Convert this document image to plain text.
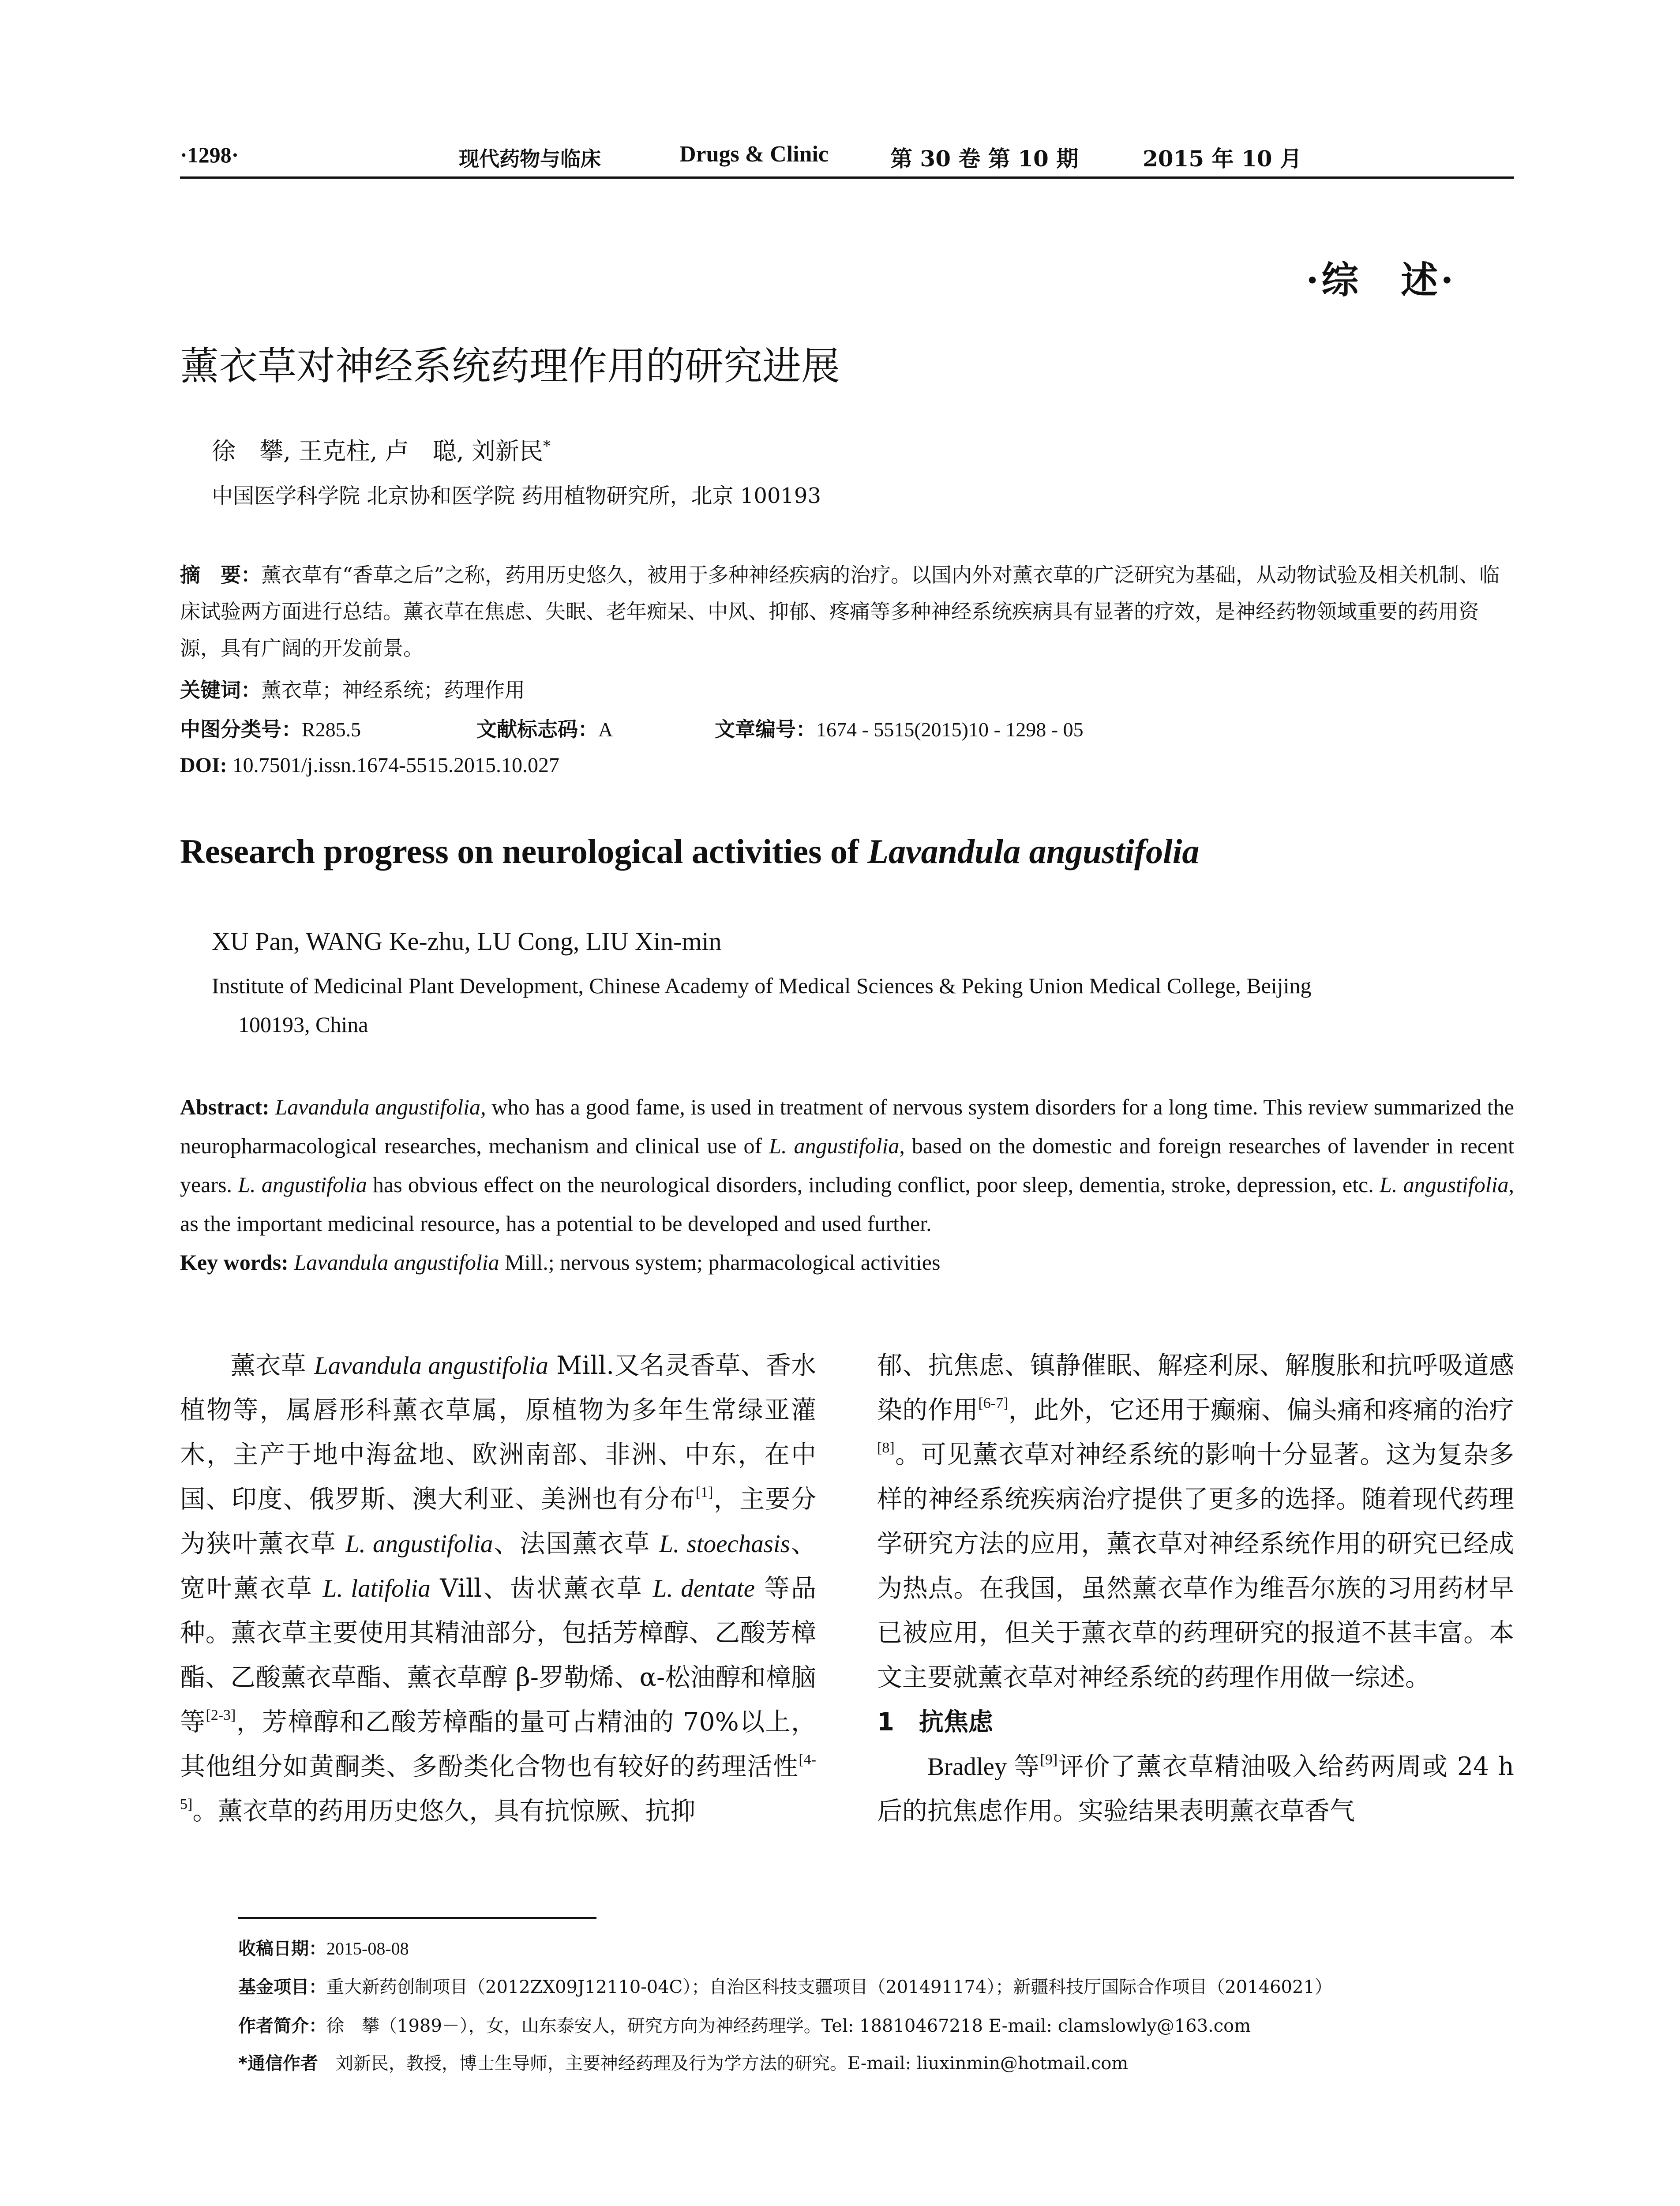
·1298·	现代药物与临床	Drugs & Clinic	第 30 卷 第 10 期	2015 年 10 月
·综　述·
薰衣草对神经系统药理作用的研究进展
徐　攀, 王克柱, 卢　聪, 刘新民*
中国医学科学院 北京协和医学院 药用植物研究所，北京 100193
摘　要：薰衣草有“香草之后”之称，药用历史悠久，被用于多种神经疾病的治疗。以国内外对薰衣草的广泛研究为基础，从动物试验及相关机制、临床试验两方面进行总结。薰衣草在焦虑、失眠、老年痴呆、中风、抑郁、疼痛等多种神经系统疾病具有显著的疗效，是神经药物领域重要的药用资源，具有广阔的开发前景。
关键词：薰衣草；神经系统；药理作用
中图分类号：R285.5	文献标志码：A	文章编号：1674 - 5515(2015)10 - 1298 - 05
DOI: 10.7501/j.issn.1674-5515.2015.10.027
Research progress on neurological activities of Lavandula angustifolia
XU Pan, WANG Ke-zhu, LU Cong, LIU Xin-min
Institute of Medicinal Plant Development, Chinese Academy of Medical Sciences & Peking Union Medical College, Beijing
100193, China
Abstract: Lavandula angustifolia, who has a good fame, is used in treatment of nervous system disorders for a long time. This review summarized the neuropharmacological researches, mechanism and clinical use of L. angustifolia, based on the domestic and foreign researches of lavender in recent years. L. angustifolia has obvious effect on the neurological disorders, including conflict, poor sleep, dementia, stroke, depression, etc. L. angustifolia, as the important medicinal resource, has a potential to be developed and used further.
Key words: Lavandula angustifolia Mill.; nervous system; pharmacological activities

薰衣草 Lavandula angustifolia Mill.又名灵香草、香水植物等，属唇形科薰衣草属，原植物为多年生常绿亚灌木，主产于地中海盆地、欧洲南部、非洲、中东，在中国、印度、俄罗斯、澳大利亚、美洲也有分布[1]，主要分为狭叶薰衣草 L. angustifolia、法国薰衣草 L. stoechasis、宽叶薰衣草 L. latifolia Vill、齿状薰衣草 L. dentate 等品种。薰衣草主要使用其精油部分，包括芳樟醇、乙酸芳樟酯、乙酸薰衣草酯、薰衣草醇 β-罗勒烯、α-松油醇和樟脑等[2-3]，芳樟醇和乙酸芳樟酯的量可占精油的 70%以上，其他组分如黄酮类、多酚类化合物也有较好的药理活性[4-5]。薰衣草的药用历史悠久，具有抗惊厥、抗抑

郁、抗焦虑、镇静催眠、解痉利尿、解腹胀和抗呼吸道感染的作用[6-7]，此外，它还用于癫痫、偏头痛和疼痛的治疗[8]。可见薰衣草对神经系统的影响十分显著。这为复杂多样的神经系统疾病治疗提供了更多的选择。随着现代药理学研究方法的应用，薰衣草对神经系统作用的研究已经成为热点。在我国，虽然薰衣草作为维吾尔族的习用药材早已被应用，但关于薰衣草的药理研究的报道不甚丰富。本文主要就薰衣草对神经系统的药理作用做一综述。

1　抗焦虑

Bradley 等[9]评价了薰衣草精油吸入给药两周或 24 h 后的抗焦虑作用。实验结果表明薰衣草香气

收稿日期：2015-08-08
基金项目：重大新药创制项目（2012ZX09J12110-04C）；自治区科技支疆项目（201491174）；新疆科技厅国际合作项目（20146021）
作者简介：徐　攀（1989－），女，山东泰安人，研究方向为神经药理学。Tel: 18810467218 E-mail: clamslowly@163.com
*通信作者　刘新民，教授，博士生导师，主要神经药理及行为学方法的研究。E-mail: liuxinmin@hotmail.com
